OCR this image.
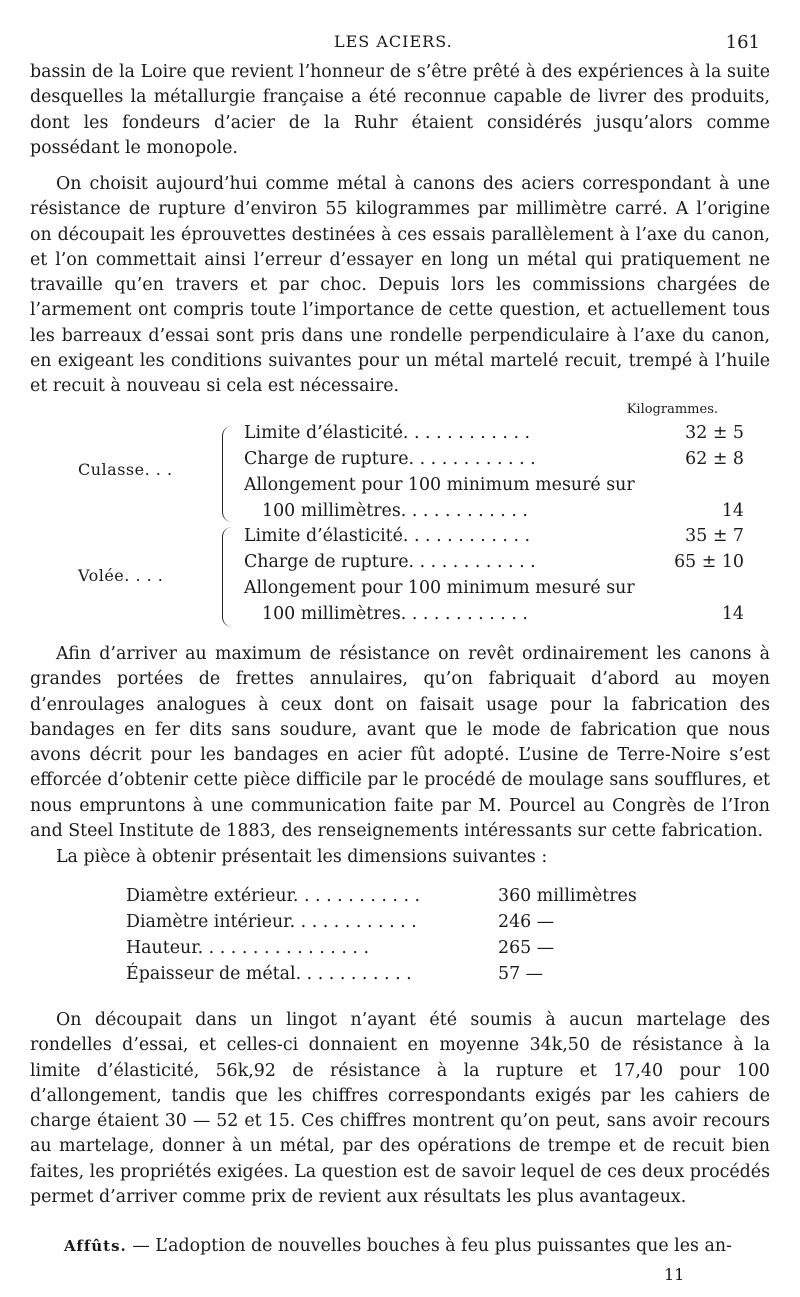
LES ACIERS.	161

bassin de la Loire que revient l’honneur de s’être prêté à des expériences à la suite desquelles la métallurgie française a été reconnue capable de livrer des produits, dont les fondeurs d’acier de la Ruhr étaient considérés jusqu’alors comme possédant le monopole.

On choisit aujourd’hui comme métal à canons des aciers correspondant à une résistance de rupture d’environ 55 kilogrammes par millimètre carré. A l’origine on découpait les éprouvettes destinées à ces essais parallèlement à l’axe du canon, et l’on commettait ainsi l’erreur d’essayer en long un métal qui pratiquement ne travaille qu’en travers et par choc. Depuis lors les commissions chargées de l’armement ont compris toute l’importance de cette question, et actuellement tous les barreaux d’essai sont pris dans une rondelle perpendiculaire à l’axe du canon, en exigeant les conditions suivantes pour un métal martelé recuit, trempé à l’huile et recuit à nouveau si cela est nécessaire.

Kilogrammes.
Culasse. . .
Limite d’élasticité. . . . . . . . . . . .	32 ± 5
Charge de rupture. . . . . . . . . . . .	62 ± 8
Allongement pour 100 minimum mesuré sur
100 millimètres. . . . . . . . . . . .	14
Volée. . . .
Limite d’élasticité. . . . . . . . . . . .	35 ± 7
Charge de rupture. . . . . . . . . . . .	65 ± 10
Allongement pour 100 minimum mesuré sur
100 millimètres. . . . . . . . . . . .	14

Afin d’arriver au maximum de résistance on revêt ordinairement les canons à grandes portées de frettes annulaires, qu’on fabriquait d’abord au moyen d’enroulages analogues à ceux dont on faisait usage pour la fabrication des bandages en fer dits sans soudure, avant que le mode de fabrication que nous avons décrit pour les bandages en acier fût adopté. L’usine de Terre-Noire s’est efforcée d’obtenir cette pièce difficile par le procédé de moulage sans soufflures, et nous empruntons à une communication faite par M. Pourcel au Congrès de l’Iron and Steel Institute de 1883, des renseignements intéressants sur cette fabrication.

La pièce à obtenir présentait les dimensions suivantes :

Diamètre extérieur. . . . . . . . . . . .	360 millimètres
Diamètre intérieur. . . . . . . . . . . .	246 —
Hauteur. . . . . . . . . . . . . . . .	265 —
Épaisseur de métal. . . . . . . . . . .	57 —

On découpait dans un lingot n’ayant été soumis à aucun martelage des rondelles d’essai, et celles-ci donnaient en moyenne 34k,50 de résistance à la limite d’élasticité, 56k,92 de résistance à la rupture et 17,40 pour 100 d’allongement, tandis que les chiffres correspondants exigés par les cahiers de charge étaient 30 — 52 et 15. Ces chiffres montrent qu’on peut, sans avoir recours au martelage, donner à un métal, par des opérations de trempe et de recuit bien faites, les propriétés exigées. La question est de savoir lequel de ces deux procédés permet d’arriver comme prix de revient aux résultats les plus avantageux.

Affûts. — L’adoption de nouvelles bouches à feu plus puissantes que les an-
11
